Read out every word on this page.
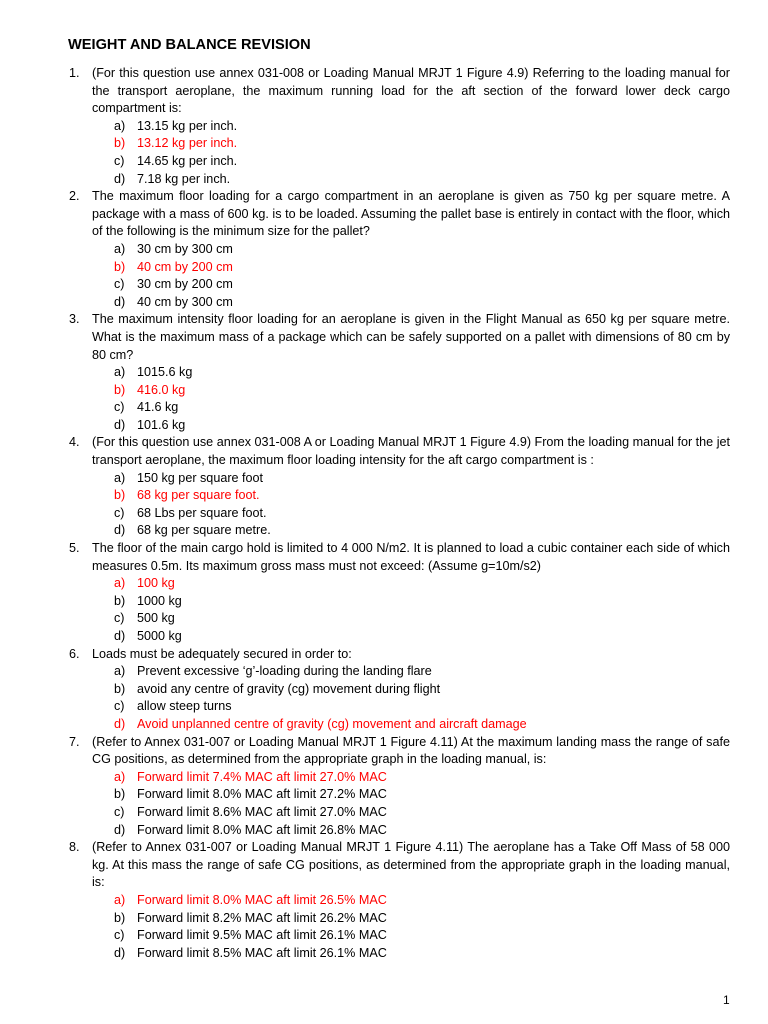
WEIGHT AND BALANCE REVISION
1. (For this question use annex 031-008 or Loading Manual MRJT 1 Figure 4.9) Referring to the loading manual for the transport aeroplane, the maximum running load for the aft section of the forward lower deck cargo compartment is:
a) 13.15 kg per inch.
b) 13.12 kg per inch.
c) 14.65 kg per inch.
d) 7.18 kg per inch.
2. The maximum floor loading for a cargo compartment in an aeroplane is given as 750 kg per square metre. A package with a mass of 600 kg. is to be loaded. Assuming the pallet base is entirely in contact with the floor, which of the following is the minimum size for the pallet?
a) 30 cm by 300 cm
b) 40 cm by 200 cm
c) 30 cm by 200 cm
d) 40 cm by 300 cm
3. The maximum intensity floor loading for an aeroplane is given in the Flight Manual as 650 kg per square metre. What is the maximum mass of a package which can be safely supported on a pallet with dimensions of 80 cm by 80 cm?
a) 1015.6 kg
b) 416.0 kg
c) 41.6 kg
d) 101.6 kg
4. (For this question use annex 031-008 A or Loading Manual MRJT 1 Figure 4.9) From the loading manual for the jet transport aeroplane, the maximum floor loading intensity for the aft cargo compartment is :
a) 150 kg per square foot
b) 68 kg per square foot.
c) 68 Lbs per square foot.
d) 68 kg per square metre.
5. The floor of the main cargo hold is limited to 4 000 N/m2. It is planned to load a cubic container each side of which measures 0.5m. Its maximum gross mass must not exceed: (Assume g=10m/s2)
a) 100 kg
b) 1000 kg
c) 500 kg
d) 5000 kg
6. Loads must be adequately secured in order to:
a) Prevent excessive ‘g’-loading during the landing flare
b) avoid any centre of gravity (cg) movement during flight
c) allow steep turns
d) Avoid unplanned centre of gravity (cg) movement and aircraft damage
7. (Refer to Annex 031-007 or Loading Manual MRJT 1 Figure 4.11) At the maximum landing mass the range of safe CG positions, as determined from the appropriate graph in the loading manual, is:
a) Forward limit 7.4% MAC aft limit 27.0% MAC
b) Forward limit 8.0% MAC aft limit 27.2% MAC
c) Forward limit 8.6% MAC aft limit 27.0% MAC
d) Forward limit 8.0% MAC aft limit 26.8% MAC
8. (Refer to Annex 031-007 or Loading Manual MRJT 1 Figure 4.11) The aeroplane has a Take Off Mass of 58 000 kg. At this mass the range of safe CG positions, as determined from the appropriate graph in the loading manual, is:
a) Forward limit 8.0% MAC aft limit 26.5% MAC
b) Forward limit 8.2% MAC aft limit 26.2% MAC
c) Forward limit 9.5% MAC aft limit 26.1% MAC
d) Forward limit 8.5% MAC aft limit 26.1% MAC
1
